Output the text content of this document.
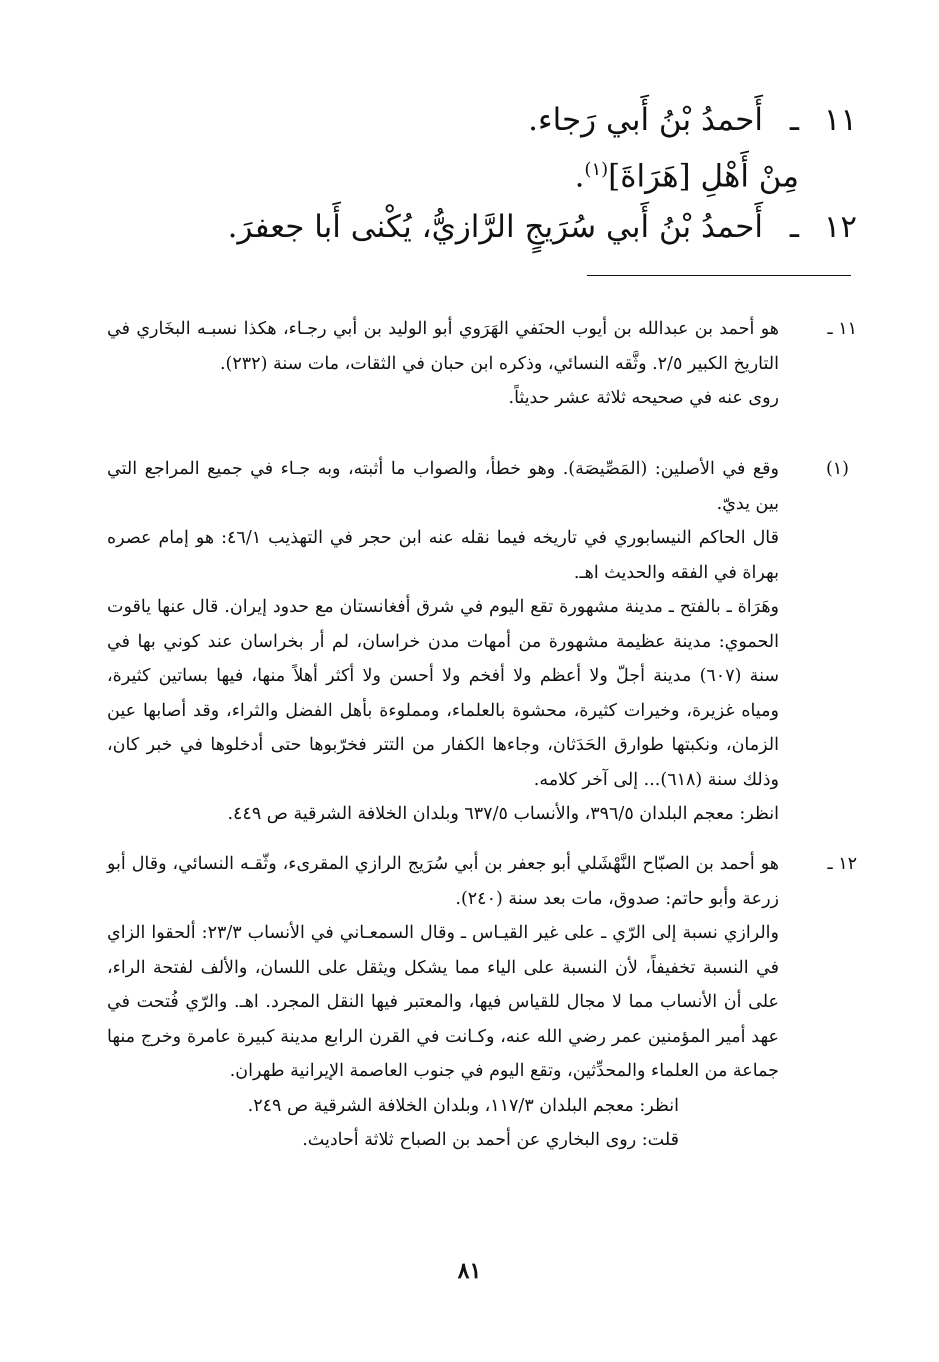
١١ـأَحمدُ بْنُ أَبي رَجاء.
مِنْ أَهْلِ [هَرَاةَ]$^{(١)}$.
١٢ـأَحمدُ بْنُ أَبي سُرَيجٍ الرَّازيُّ، يُكْنى أَبا جعفرَ.
١١ ـ

هو أحمد بن عبدالله بن أيوب الحنَفي الهَرَوي أبو الوليد بن أبي رجـاء، هكذا نسبـه البخَاري في التاريخ الكبير ٢/٥. وثَّقه النسائي، وذكره ابن حبان في الثقات، مات سنة (٢٣٢).

روى عنه في صحيحه ثلاثة عشر حديثاً.

(١)

وقع في الأصلين: (المَصِّيصَة). وهو خطأ، والصواب ما أثبته، وبه جـاء في جميع المراجع التي بين يديّ.

قال الحاكم النيسابوري في تاريخه فيما نقله عنه ابن حجر في التهذيب ٤٦/١: هو إمام عصره بهراة في الفقه والحديث اهـ.

وهَرَاة ـ بالفتح ـ مدينة مشهورة تقع اليوم في شرق أفغانستان مع حدود إيران. قال عنها ياقوت الحموي: مدينة عظيمة مشهورة من أمهات مدن خراسان، لم أر بخراسان عند كوني بها في سنة (٦٠٧) مدينة أجلّ ولا أعظم ولا أفخم ولا أحسن ولا أكثر أهلاً منها، فيها بساتين كثيرة، ومياه غزيرة، وخيرات كثيرة، محشوة بالعلماء، ومملوءة بأهل الفضل والثراء، وقد أصابها عين الزمان، ونكبتها طوارق الحَدَثان، وجاءها الكفار من التتر فخرّبوها حتى أدخلوها في خبر كان، وذلك سنة (٦١٨)... إلى آخر كلامه.

انظر: معجم البلدان ٣٩٦/٥، والأنساب ٦٣٧/٥ وبلدان الخلافة الشرقية ص ٤٤٩.

١٢ ـ

هو أحمد بن الصبّاح النَّهْشَلي أبو جعفر بن أبي سُرَيج الرازي المقرىء، وثّقـه النسائي، وقال أبو زرعة وأبو حاتم: صدوق، مات بعد سنة (٢٤٠).

والرازي نسبة إلى الرّي ـ على غير القيـاس ـ وقال السمعـاني في الأنساب ٢٣/٣: ألحقوا الزاي في النسبة تخفيفاً، لأن النسبة على الياء مما يشكل ويثقل على اللسان، والألف لفتحة الراء، على أن الأنساب مما لا مجال للقياس فيها، والمعتبر فيها النقل المجرد. اهـ. والرّي فُتحت في عهد أمير المؤمنين عمر رضي الله عنه، وكـانت في القرن الرابع مدينة كبيرة عامرة وخرج منها جماعة من العلماء والمحدِّثين، وتقع اليوم في جنوب العاصمة الإيرانية طهران.

انظر: معجم البلدان ١١٧/٣، وبلدان الخلافة الشرقية ص ٢٤٩.

قلت: روى البخاري عن أحمد بن الصباح ثلاثة أحاديث.

٨١
